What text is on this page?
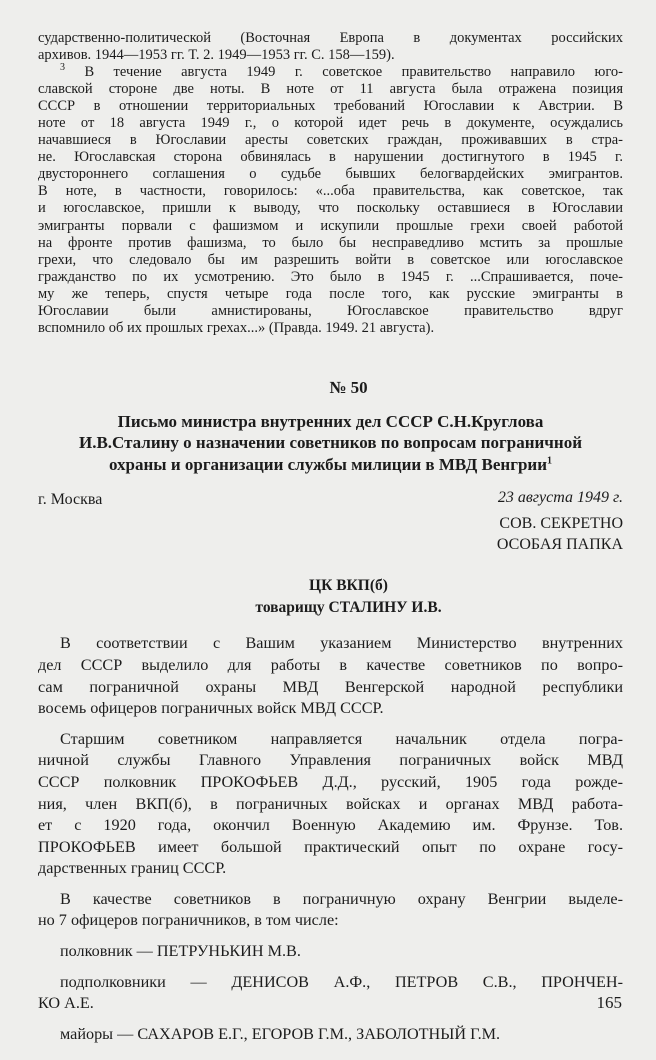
сударственно-политической (Восточная Европа в документах российских
архивов. 1944—1953 гг. Т. 2. 1949—1953 гг. С. 158—159).
$^3$ В течение августа 1949 г. советское правительство направило юго-
славской стороне две ноты. В ноте от 11 августа была отражена позиция
СССР в отношении территориальных требований Югославии к Австрии. В
ноте от 18 августа 1949 г., о которой идет речь в документе, осуждались
начавшиеся в Югославии аресты советских граждан, проживавших в стра-
не. Югославская сторона обвинялась в нарушении достигнутого в 1945 г.
двустороннего соглашения о судьбе бывших белогвардейских эмигрантов.
В ноте, в частности, говорилось: «...оба правительства, как советское, так
и югославское, пришли к выводу, что поскольку оставшиеся в Югославии
эмигранты порвали с фашизмом и искупили прошлые грехи своей работой
на фронте против фашизма, то было бы несправедливо мстить за прошлые
грехи, что следовало бы им разрешить войти в советское или югославское
гражданство по их усмотрению. Это было в 1945 г. ...Спрашивается, поче-
му же теперь, спустя четыре года после того, как русские эмигранты в
Югославии были амнистированы, Югославское правительство вдруг
вспомнило об их прошлых грехах...» (Правда. 1949. 21 августа).
№ 50
Письмо министра внутренних дел СССР С.Н.Круглова
И.В.Сталину о назначении советников по вопросам пограничной
охраны и организации службы милиции в МВД Венгрии$^1$
г. Москва	23 августа 1949 г.
СОВ. СЕКРЕТНО
ОСОБАЯ ПАПКА
ЦК ВКП(б)
товарищу СТАЛИНУ И.В.
В соответствии с Вашим указанием Министерство внутренних
дел СССР выделило для работы в качестве советников по вопро-
сам пограничной охраны МВД Венгерской народной республики
восемь офицеров пограничных войск МВД СССР.
Старшим советником направляется начальник отдела погра-
ничной службы Главного Управления пограничных войск МВД
СССР полковник ПРОКОФЬЕВ Д.Д., русский, 1905 года рожде-
ния, член ВКП(б), в пограничных войсках и органах МВД работа-
ет с 1920 года, окончил Военную Академию им. Фрунзе. Тов.
ПРОКОФЬЕВ имеет большой практический опыт по охране госу-
дарственных границ СССР.
В качестве советников в пограничную охрану Венгрии выделе-
но 7 офицеров пограничников, в том числе:
полковник — ПЕТРУНЬКИН М.В.
подполковники — ДЕНИСОВ А.Ф., ПЕТРОВ С.В., ПРОНЧЕН-
КО А.Е.
майоры — САХАРОВ Е.Г., ЕГОРОВ Г.М., ЗАБОЛОТНЫЙ Г.М.
165
